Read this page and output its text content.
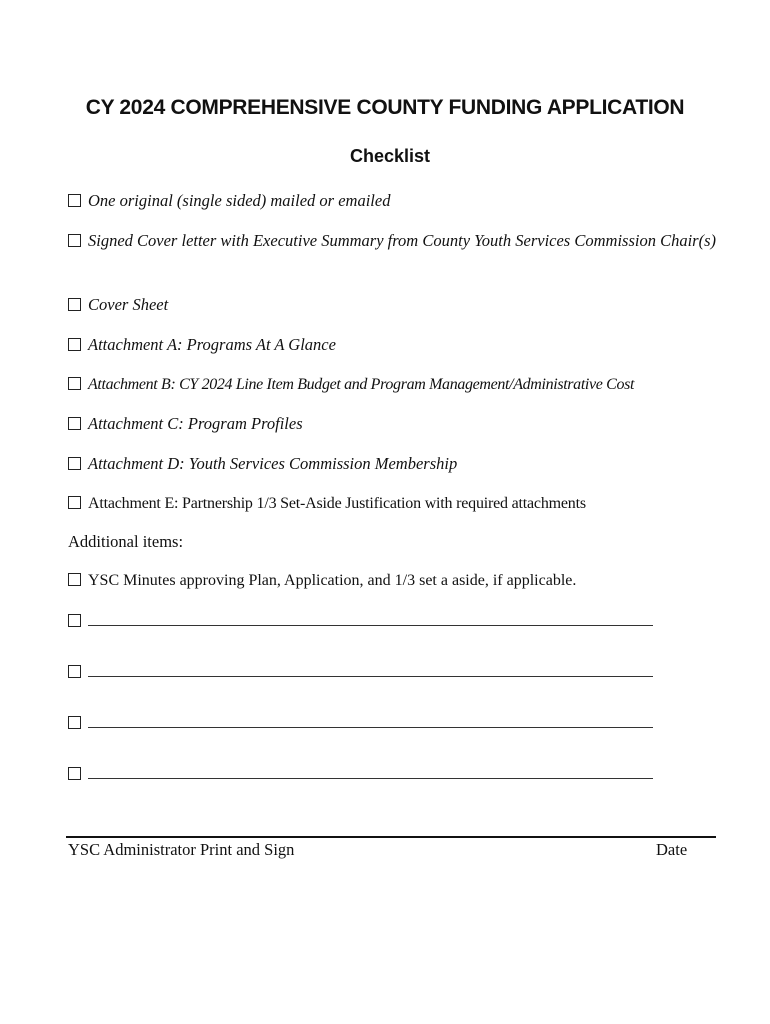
CY 2024 COMPREHENSIVE COUNTY FUNDING APPLICATION
Checklist
One original (single sided) mailed or emailed
Signed Cover letter with Executive Summary from County Youth Services Commission Chair(s)
Cover Sheet
Attachment A: Programs At A Glance
Attachment B: CY 2024 Line Item Budget and Program Management/Administrative Cost
Attachment C: Program Profiles
Attachment D: Youth Services Commission Membership
Attachment E: Partnership 1/3 Set-Aside Justification with required attachments
Additional items:
YSC Minutes approving Plan, Application, and 1/3 set a aside, if applicable.
YSC Administrator Print and Sign	Date
